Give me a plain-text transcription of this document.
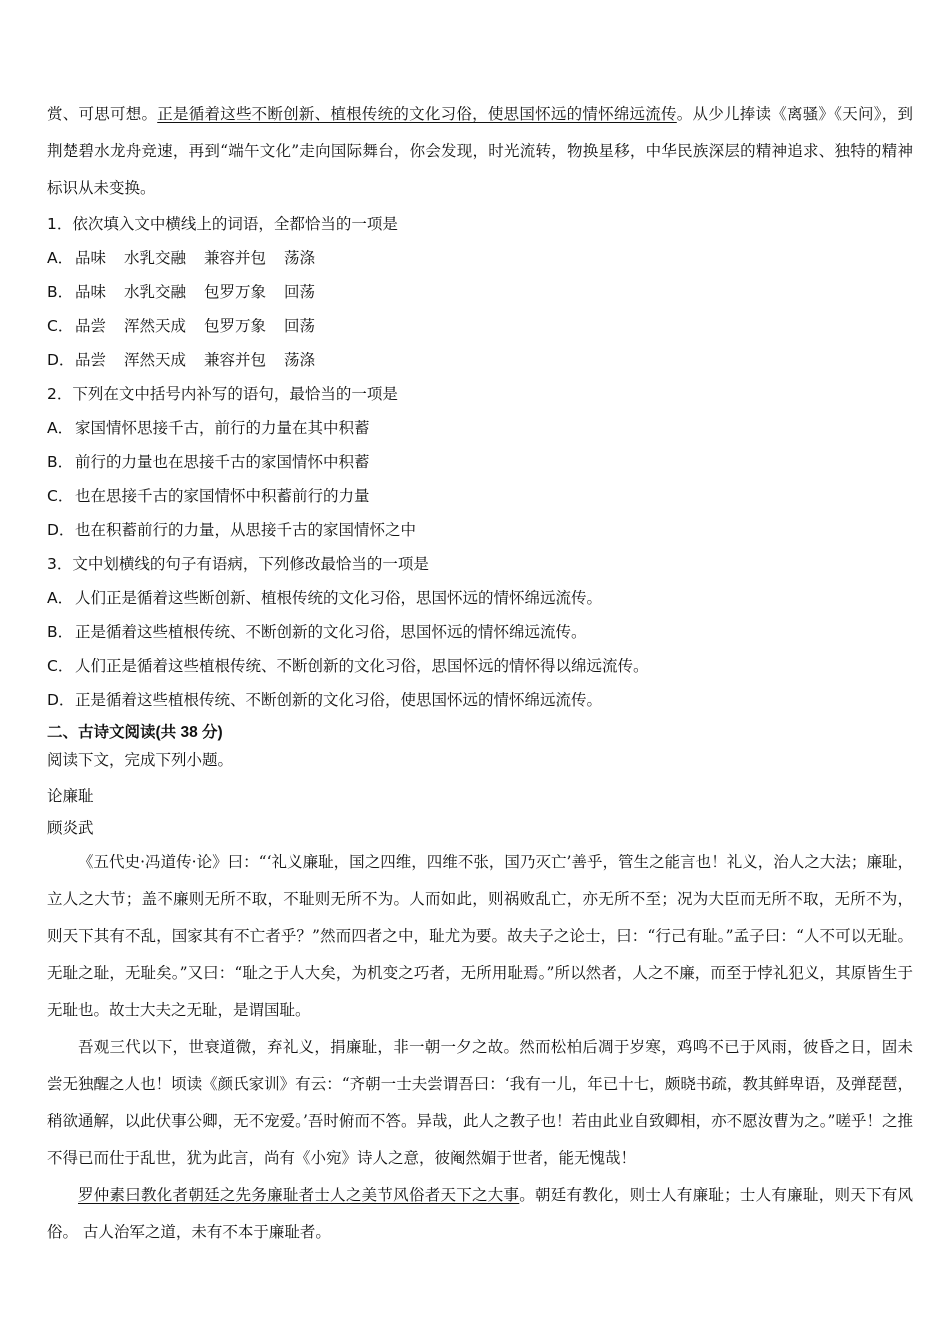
赏、可思可想。正是循着这些不断创新、植根传统的文化习俗，使思国怀远的情怀绵远流传。从少儿捧读《离骚》《天问》，到荆楚碧水龙舟竞速，再到“端午文化”走向国际舞台，你会发现，时光流转，物换星移，中华民族深层的精神追求、独特的精神标识从未变换。

1．依次填入文中横线上的词语，全都恰当的一项是

A． 品味 水乳交融 兼容并包 荡涤

B． 品味 水乳交融 包罗万象 回荡

C． 品尝 浑然天成 包罗万象 回荡

D．品尝 浑然天成 兼容并包 荡涤

2．下列在文中括号内补写的语句，最恰当的一项是

A． 家国情怀思接千古，前行的力量在其中积蓄

B． 前行的力量也在思接千古的家国情怀中积蓄

C． 也在思接千古的家国情怀中积蓄前行的力量

D．也在积蓄前行的力量，从思接千古的家国情怀之中

3．文中划横线的句子有语病，下列修改最恰当的一项是

A． 人们正是循着这些断创新、植根传统的文化习俗，思国怀远的情怀绵远流传。

B． 正是循着这些植根传统、不断创新的文化习俗，思国怀远的情怀绵远流传。

C． 人们正是循着这些植根传统、不断创新的文化习俗，思国怀远的情怀得以绵远流传。

D．正是循着这些植根传统、不断创新的文化习俗，使思国怀远的情怀绵远流传。

二、古诗文阅读(共 38 分)

阅读下文，完成下列小题。

论廉耻

顾炎武

《五代史·冯道传·论》曰：“‘礼义廉耻，国之四维，四维不张，国乃灭亡’善乎，管生之能言也！礼义，治人之大法；廉耻，立人之大节；盖不廉则无所不取，不耻则无所不为。人而如此，则祸败乱亡，亦无所不至；况为大臣而无所不取，无所不为，则天下其有不乱，国家其有不亡者乎？”然而四者之中，耻尤为要。故夫子之论士，曰：“行己有耻。”孟子曰：“人不可以无耻。无耻之耻，无耻矣。”又曰：“耻之于人大矣，为机变之巧者，无所用耻焉。”所以然者，人之不廉，而至于悖礼犯义，其原皆生于无耻也。故士大夫之无耻，是谓国耻。

吾观三代以下，世衰道微，弃礼义，捐廉耻，非一朝一夕之故。然而松柏后凋于岁寒，鸡鸣不已于风雨，彼昏之日，固未尝无独醒之人也！顷读《颜氏家训》有云：“齐朝一士夫尝谓吾曰：‘我有一儿，年已十七，颇晓书疏，教其鲜卑语，及弹琵琶，稍欲通解，以此伏事公卿，无不宠爱。’吾时俯而不答。异哉，此人之教子也！若由此业自致卿相，亦不愿汝曹为之。”嗟乎！之推不得已而仕于乱世，犹为此言，尚有《小宛》诗人之意，彼阉然媚于世者，能无愧哉！

罗仲素曰教化者朝廷之先务廉耻者士人之美节风俗者天下之大事。朝廷有教化，则士人有廉耻；士人有廉耻，则天下有风俗。 古人治军之道，未有不本于廉耻者。
